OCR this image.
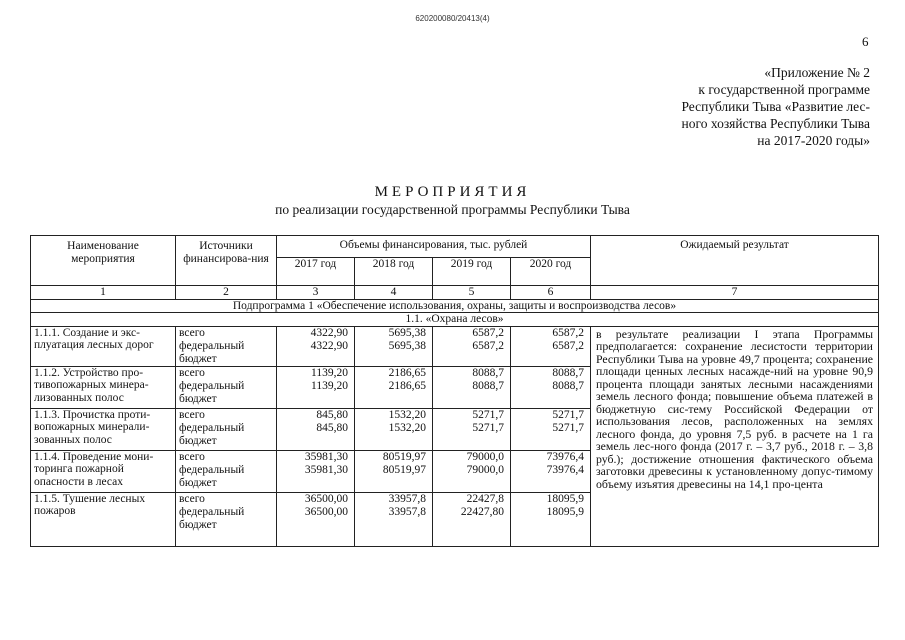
620200080/20413(4)
6
«Приложение № 2
к государственной программе
Республики Тыва «Развитие лес-
ного хозяйства Республики Тыва
на 2017-2020 годы»
МЕРОПРИЯТИЯ
по реализации государственной программы Республики Тыва
Наименование мероприятия	Источники финансирова-ния	Объемы финансирования, тыс. рублей				Ожидаемый результат
		2017 год	2018 год	2019 год	2020 год	
1	2	3	4	5	6	7
Подпрограмма 1 «Обеспечение использования, охраны, защиты и воспроизводства лесов»						
1.1. «Охрана лесов»						
1.1.1. Создание и экс-плуатация лесных дорог	всего	4322,90	5695,38	6587,2	6587,2	в результате реализации I этапа Программы предполагается: сохранение лесистости территории Республики Тыва на уровне 49,7 процента; сохранение площади ценных лесных насажде-ний на уровне 90,9 процента площади занятых лесными насаждениями земель лесного фонда; повышение объема платежей в бюджетную сис-тему Российской Федерации от использования лесов, расположенных на землях лесного фонда, до уровня 7,5 руб. в расчете на 1 га земель лес-ного фонда (2017 г. – 3,7 руб., 2018 г. – 3,8 руб.); достижение отношения фактического объема заготовки древесины к установленному допус-тимому объему изъятия древесины на 14,1 про-цента
	федеральный бюджет	4322,90	5695,38	6587,2	6587,2	
1.1.2. Устройство про-тивопожарных минера-лизованных полос	всего	1139,20	2186,65	8088,7	8088,7	
	федеральный бюджет	1139,20	2186,65	8088,7	8088,7	
1.1.3. Прочистка проти-вопожарных минерали-зованных полос	всего	845,80	1532,20	5271,7	5271,7	
	федеральный бюджет	845,80	1532,20	5271,7	5271,7	
1.1.4. Проведение мони-торинга пожарной опасности в лесах	всего	35981,30	80519,97	79000,0	73976,4	
	федеральный бюджет	35981,30	80519,97	79000,0	73976,4	
1.1.5. Тушение лесных пожаров	всего	36500,00	33957,8	22427,8	18095,9	
	федеральный бюджет	36500,00	33957,8	22427,80	18095,9	
